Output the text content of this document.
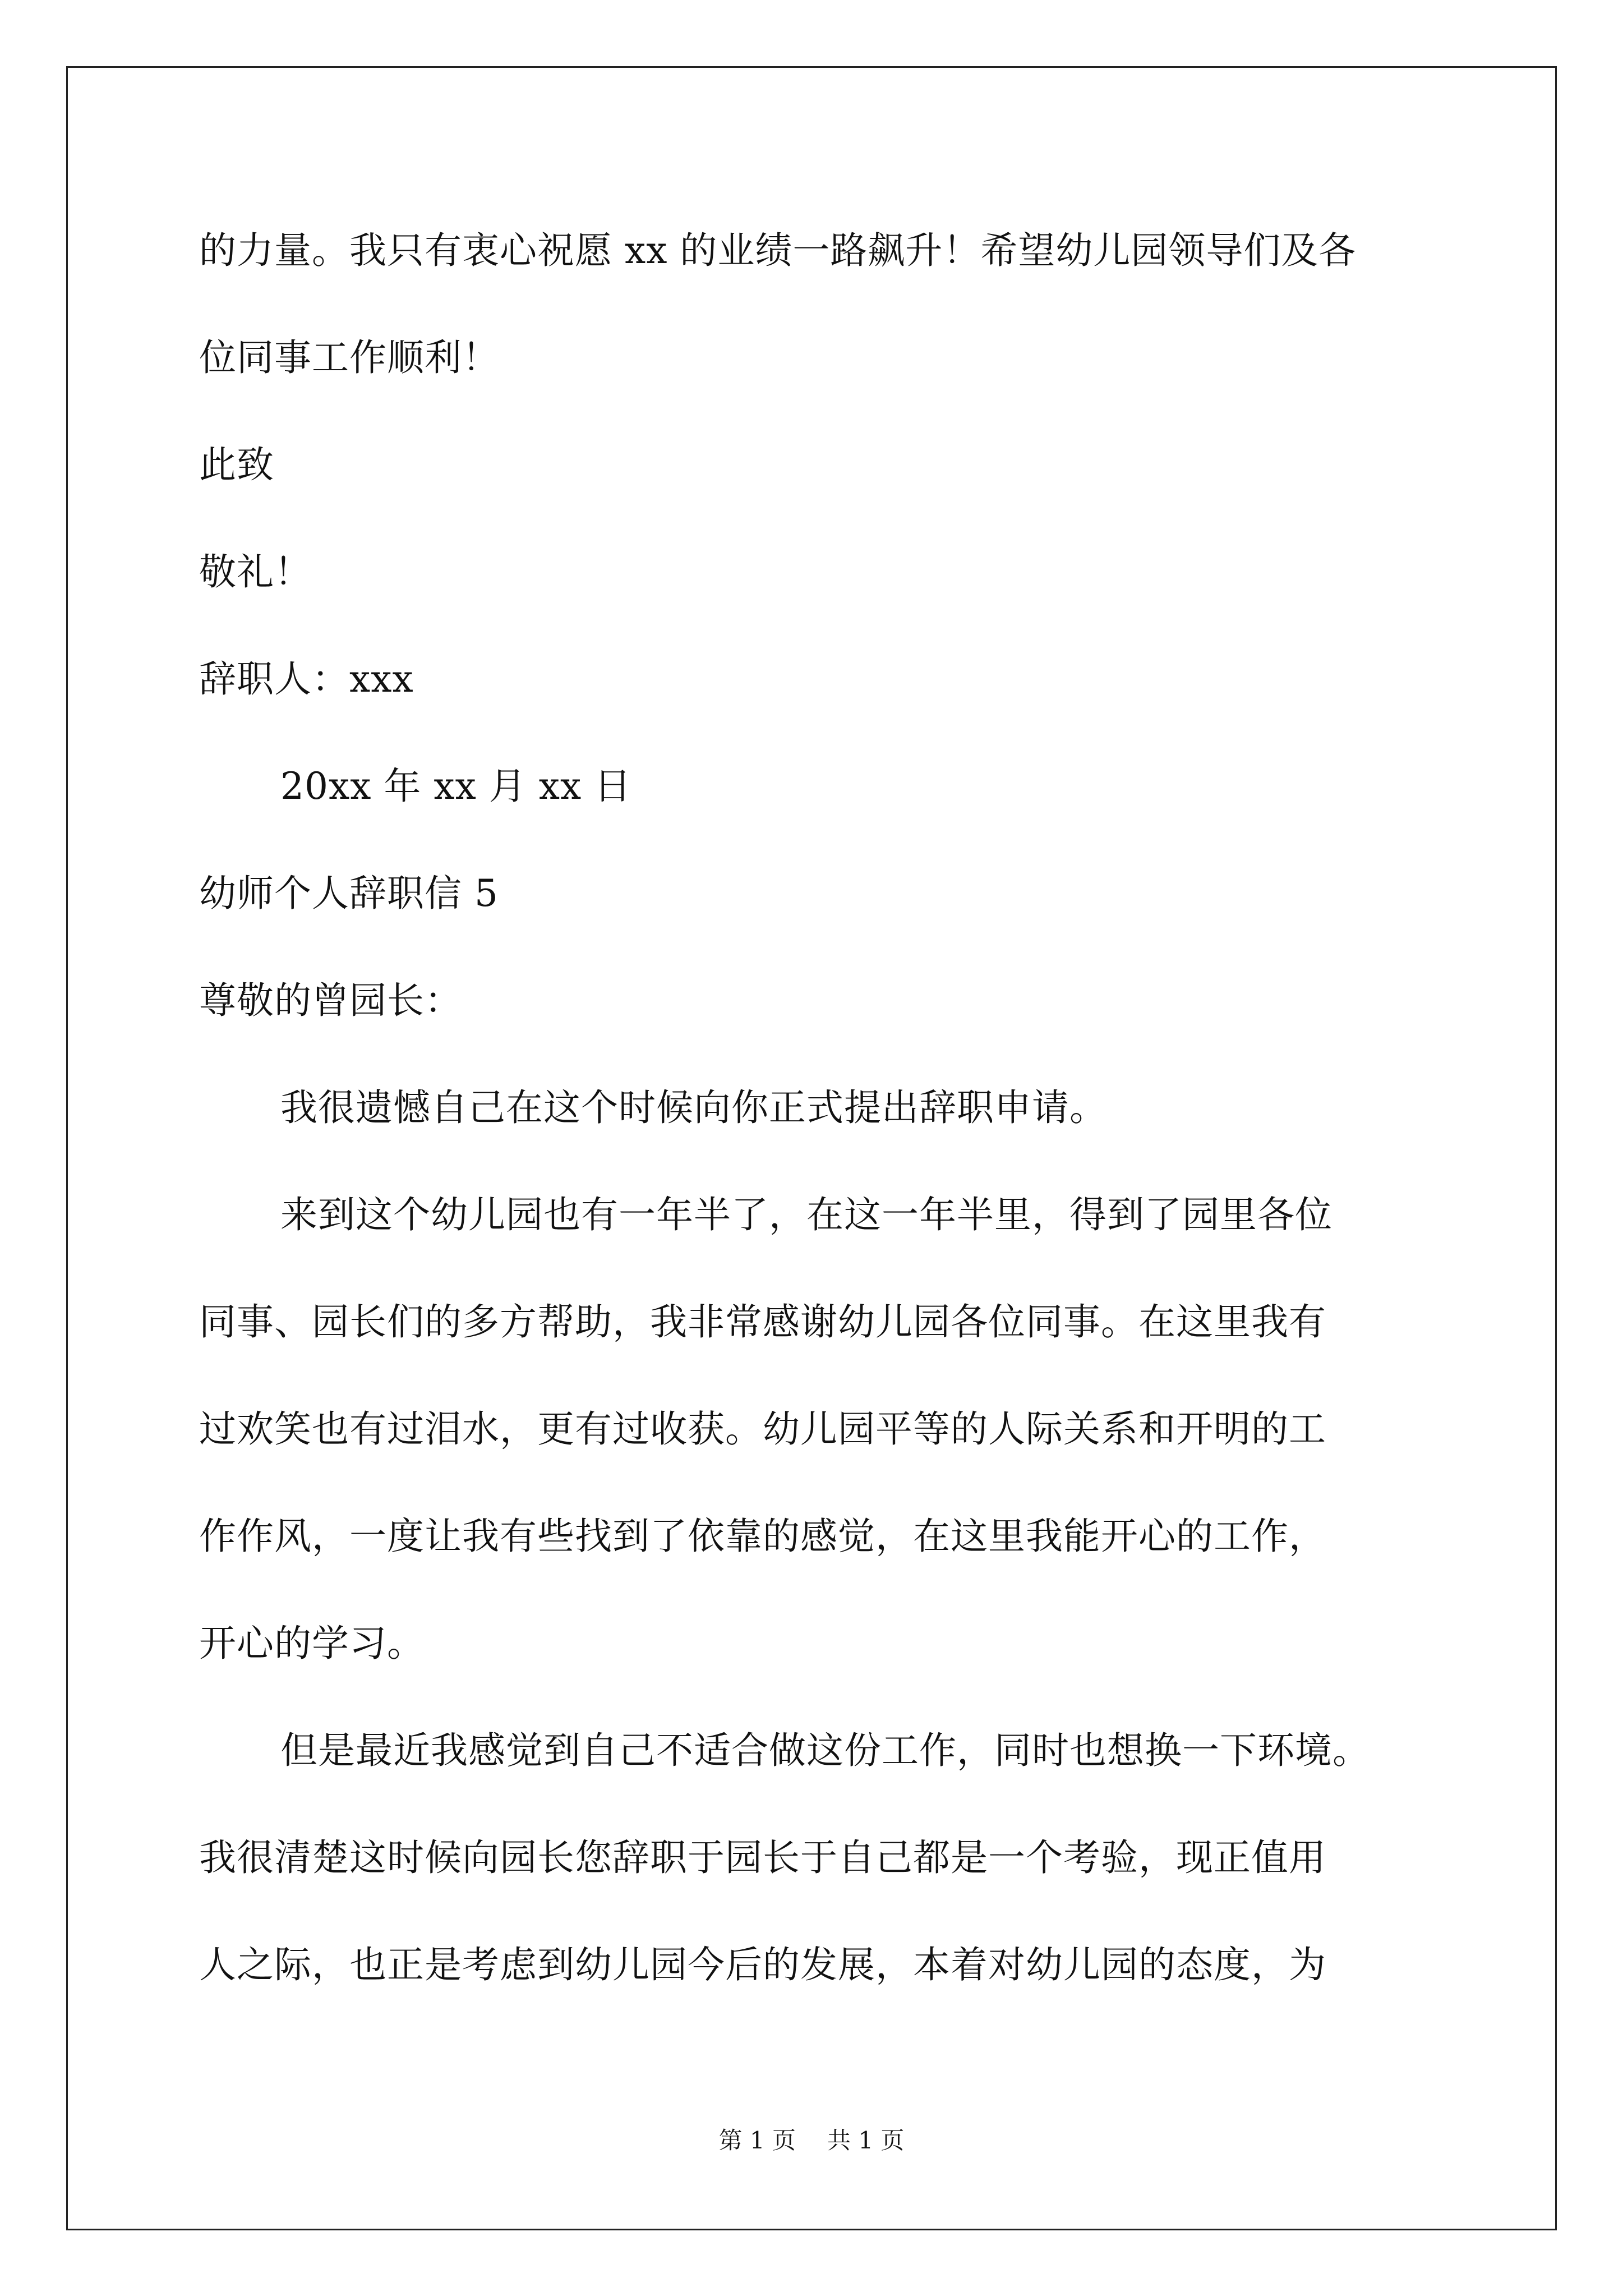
的力量。我只有衷心祝愿 xx 的业绩一路飙升！希望幼儿园领导们及各
位同事工作顺利！
此致
敬礼！
辞职人：xxx
20xx 年 xx 月 xx 日
幼师个人辞职信 5
尊敬的曾园长：
我很遗憾自己在这个时候向你正式提出辞职申请。
来到这个幼儿园也有一年半了，在这一年半里，得到了园里各位
同事、园长们的多方帮助，我非常感谢幼儿园各位同事。在这里我有
过欢笑也有过泪水，更有过收获。幼儿园平等的人际关系和开明的工
作作风，一度让我有些找到了依靠的感觉，在这里我能开心的工作，
开心的学习。
但是最近我感觉到自己不适合做这份工作，同时也想换一下环境。
我很清楚这时候向园长您辞职于园长于自己都是一个考验，现正值用
人之际，也正是考虑到幼儿园今后的发展，本着对幼儿园的态度，为
第 1 页 共 1 页
